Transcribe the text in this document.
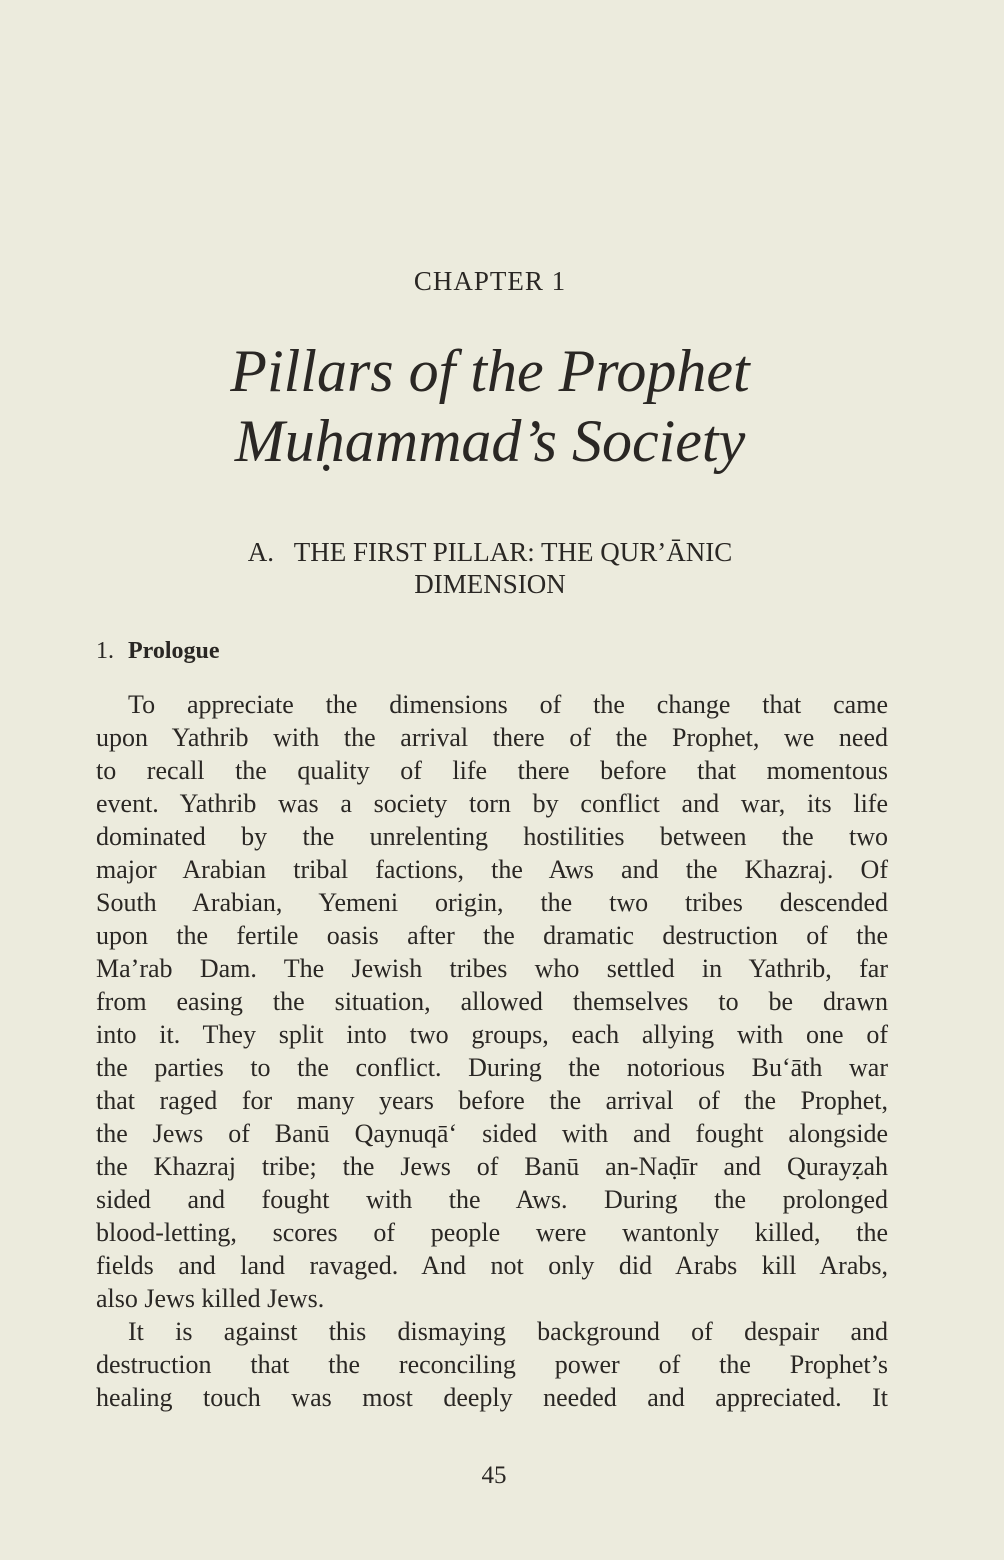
CHAPTER 1
Pillars of the Prophet
Muḥammad’s Society
A.   THE FIRST PILLAR: THE QUR’ĀNIC
DIMENSION
1. Prologue
To appreciate the dimensions of the change that came
upon Yathrib with the arrival there of the Prophet, we need
to recall the quality of life there before that momentous
event. Yathrib was a society torn by conflict and war, its life
dominated by the unrelenting hostilities between the two
major Arabian tribal factions, the Aws and the Khazraj. Of
South Arabian, Yemeni origin, the two tribes descended
upon the fertile oasis after the dramatic destruction of the
Ma’rab Dam. The Jewish tribes who settled in Yathrib, far
from easing the situation, allowed themselves to be drawn
into it. They split into two groups, each allying with one of
the parties to the conflict. During the notorious Bu‘āth war
that raged for many years before the arrival of the Prophet,
the Jews of Banū Qaynuqā‘ sided with and fought alongside
the Khazraj tribe; the Jews of Banū an-Naḍīr and Qurayẓah
sided and fought with the Aws. During the prolonged
blood-letting, scores of people were wantonly killed, the
fields and land ravaged. And not only did Arabs kill Arabs,
also Jews killed Jews.
It is against this dismaying background of despair and
destruction that the reconciling power of the Prophet’s
healing touch was most deeply needed and appreciated. It
45
